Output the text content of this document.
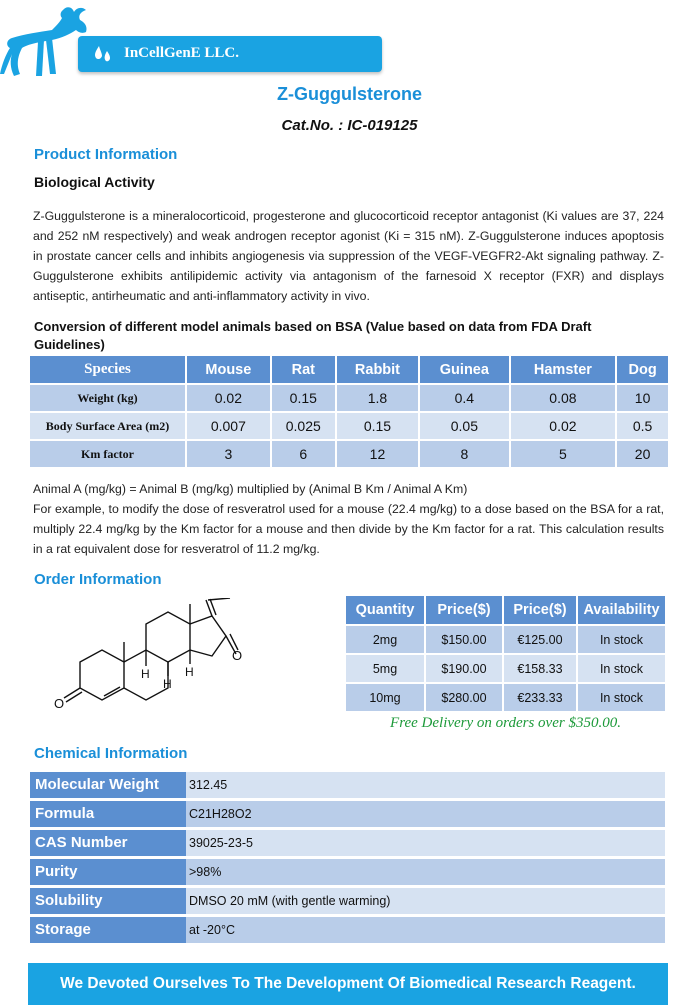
InCellGenE LLC.
Z-Guggulsterone
Cat.No. : IC-019125
Product Information
Biological Activity
Z-Guggulsterone is a mineralocorticoid, progesterone and glucocorticoid receptor antagonist (Ki values are 37, 224 and 252 nM respectively) and weak androgen receptor agonist (Ki = 315 nM). Z-Guggulsterone induces apoptosis in prostate cancer cells and inhibits angiogenesis via suppression of the VEGF-VEGFR2-Akt signaling pathway. Z-Guggulsterone exhibits antilipidemic activity via antagonism of the farnesoid X receptor (FXR) and displays antiseptic, antirheumatic and anti-inflammatory activity in vivo.
Conversion of different model animals based on BSA (Value based on data from FDA Draft Guidelines)
Species	Mouse	Rat	Rabbit	Guinea	Hamster	Dog
Weight (kg)	0.02	0.15	1.8	0.4	0.08	10
Body Surface Area (m2)	0.007	0.025	0.15	0.05	0.02	0.5
Km factor	3	6	12	8	5	20
Animal A (mg/kg) = Animal B (mg/kg) multiplied by (Animal B Km / Animal A Km)
For example, to modify the dose of resveratrol used for a mouse (22.4 mg/kg) to a dose based on the BSA for a rat, multiply 22.4 mg/kg by the Km factor for a mouse and then divide by the Km factor for a rat. This calculation results in a rat equivalent dose for resveratrol of 11.2 mg/kg.
Order Information
O
O
H
H
H
Quantity	Price($)	Price($)	Availability
2mg	$150.00	€125.00	In stock
5mg	$190.00	€158.33	In stock
10mg	$280.00	€233.33	In stock
Free Delivery on orders over $350.00.
Chemical Information
Molecular Weight	312.45
Formula	C21H28O2
CAS Number	39025-23-5
Purity	>98%
Solubility	DMSO 20 mM (with gentle warming)
Storage	at -20°C
We Devoted Ourselves To The Development Of Biomedical Research Reagent.
